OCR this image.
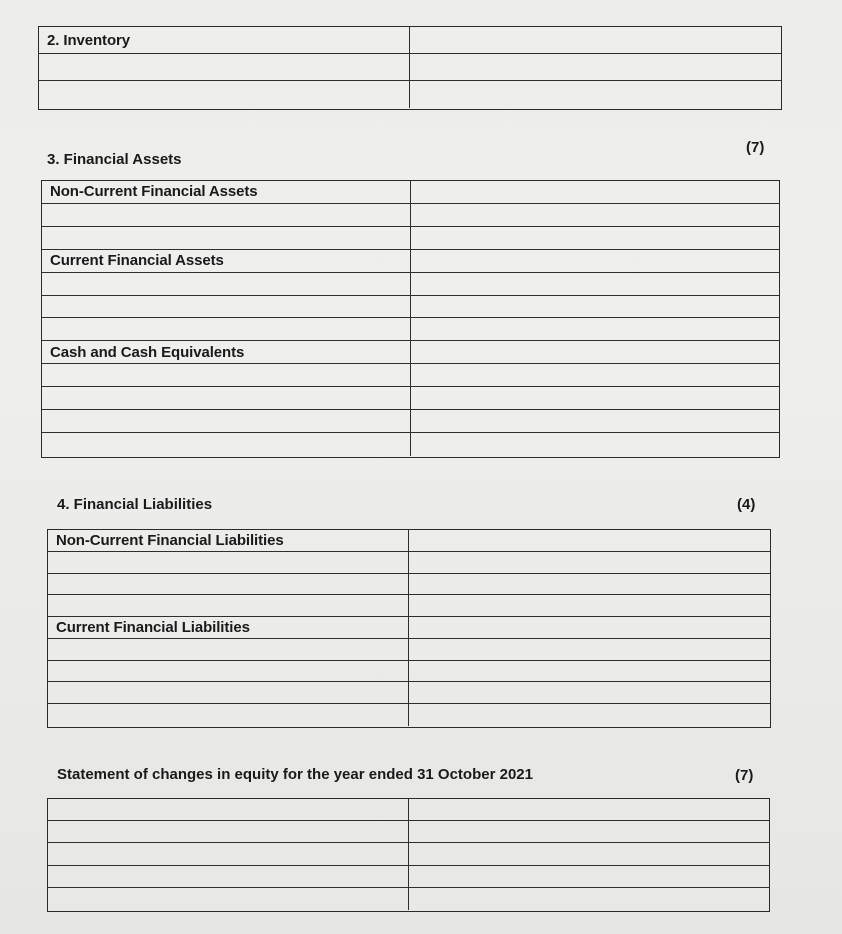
2. Inventory
3. Financial Assets
(7)
Non-Current Financial Assets
Current Financial Assets
Cash and Cash Equivalents
4. Financial Liabilities	(4)
Non-Current Financial Liabilities
Current Financial Liabilities
Statement of changes in equity for the year ended 31 October 2021	(7)
